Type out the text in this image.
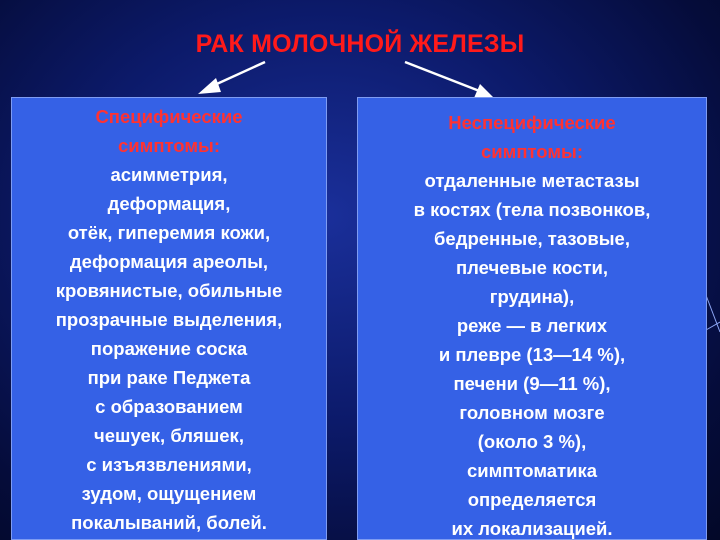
РАК МОЛОЧНОЙ ЖЕЛЕЗЫ
Специфические
симптомы:
асимметрия,
деформация,
отёк, гиперемия кожи,
деформация ареолы,
кровянистые, обильные
прозрачные выделения,
поражение соска
при раке Педжета
с образованием
чешуек, бляшек,
с изъязвлениями,
зудом, ощущением
покалываний, болей.
Неспецифические
симптомы:
отдаленные метастазы
в костях (тела позвонков,
бедренные, тазовые,
плечевые кости,
грудина),
реже — в легких
и плевре (13—14 %),
печени (9—11 %),
головном мозге
(около 3 %),
симптоматика
определяется
их локализацией.
